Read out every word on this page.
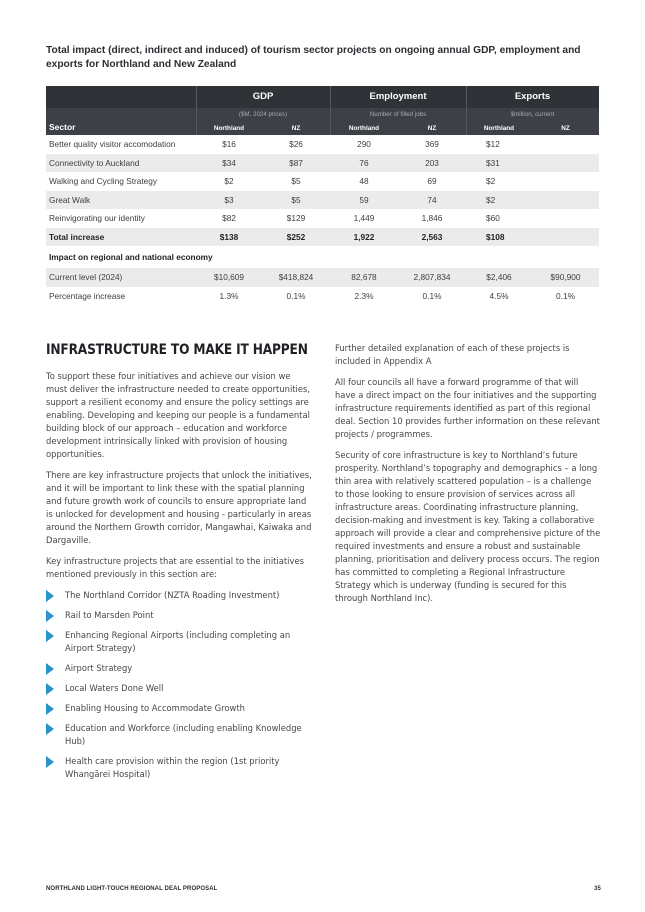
Total impact (direct, indirect and induced) of tourism sector projects on ongoing annual GDP, employment and exports for Northland and New Zealand
GDP	Employment	Exports
Sector
($M, 2024 prices)	Number of filled jobs	$million, current
Northland	NZ	Northland	NZ	Northland	NZ
Better quality visitor accomodation	$16	$26	290	369	$12
Connectivity to Auckland	$34	$87	76	203	$31
Walking and Cycling Strategy	$2	$5	48	69	$2
Great Walk	$3	$5	59	74	$2
Reinvigorating our identity	$82	$129	1,449	1,846	$60
Total increase	$138	$252	1,922	2,563	$108
Impact on regional and national economy
Current level (2024)	$10,609	$418,824	82,678	2,807,834	$2,406	$90,900
Percentage increase	1.3%	0.1%	2.3%	0.1%	4.5%	0.1%
INFRASTRUCTURE TO MAKE IT HAPPEN

To support these four initiatives and achieve our vision we must deliver the infrastructure needed to create opportunities, support a resilient economy and ensure the policy settings are enabling. Developing and keeping our people is a fundamental building block of our approach – education and workforce development intrinsically linked with provision of housing opportunities.

There are key infrastructure projects that unlock the initiatives, and it will be important to link these with the spatial planning and future growth work of councils to ensure appropriate land is unlocked for development and housing - particularly in areas around the Northern Growth corridor, Mangawhai, Kaiwaka and Dargaville.

Key infrastructure projects that are essential to the initiatives mentioned previously in this section are:

The Northland Corridor (NZTA Roading Investment)
Rail to Marsden Point
Enhancing Regional Airports (including completing an Airport Strategy)
Airport Strategy
Local Waters Done Well
Enabling Housing to Accommodate Growth
Education and Workforce (including enabling Knowledge Hub)
Health care provision within the region (1st priority Whangārei Hospital)

Further detailed explanation of each of these projects is included in Appendix A

All four councils all have a forward programme of that will have a direct impact on the four initiatives and the supporting infrastructure requirements identified as part of this regional deal. Section 10 provides further information on these relevant projects / programmes.

Security of core infrastructure is key to Northland’s future prosperity. Northland’s topography and demographics – a long thin area with relatively scattered population – is a challenge to those looking to ensure provision of services across all infrastructure areas. Coordinating infrastructure planning, decision-making and investment is key. Taking a collaborative approach will provide a clear and comprehensive picture of the required investments and ensure a robust and sustainable planning, prioritisation and delivery process occurs. The region has committed to completing a Regional Infrastructure Strategy which is underway (funding is secured for this through Northland Inc).

NORTHLAND LIGHT-TOUCH REGIONAL DEAL PROPOSAL	35
